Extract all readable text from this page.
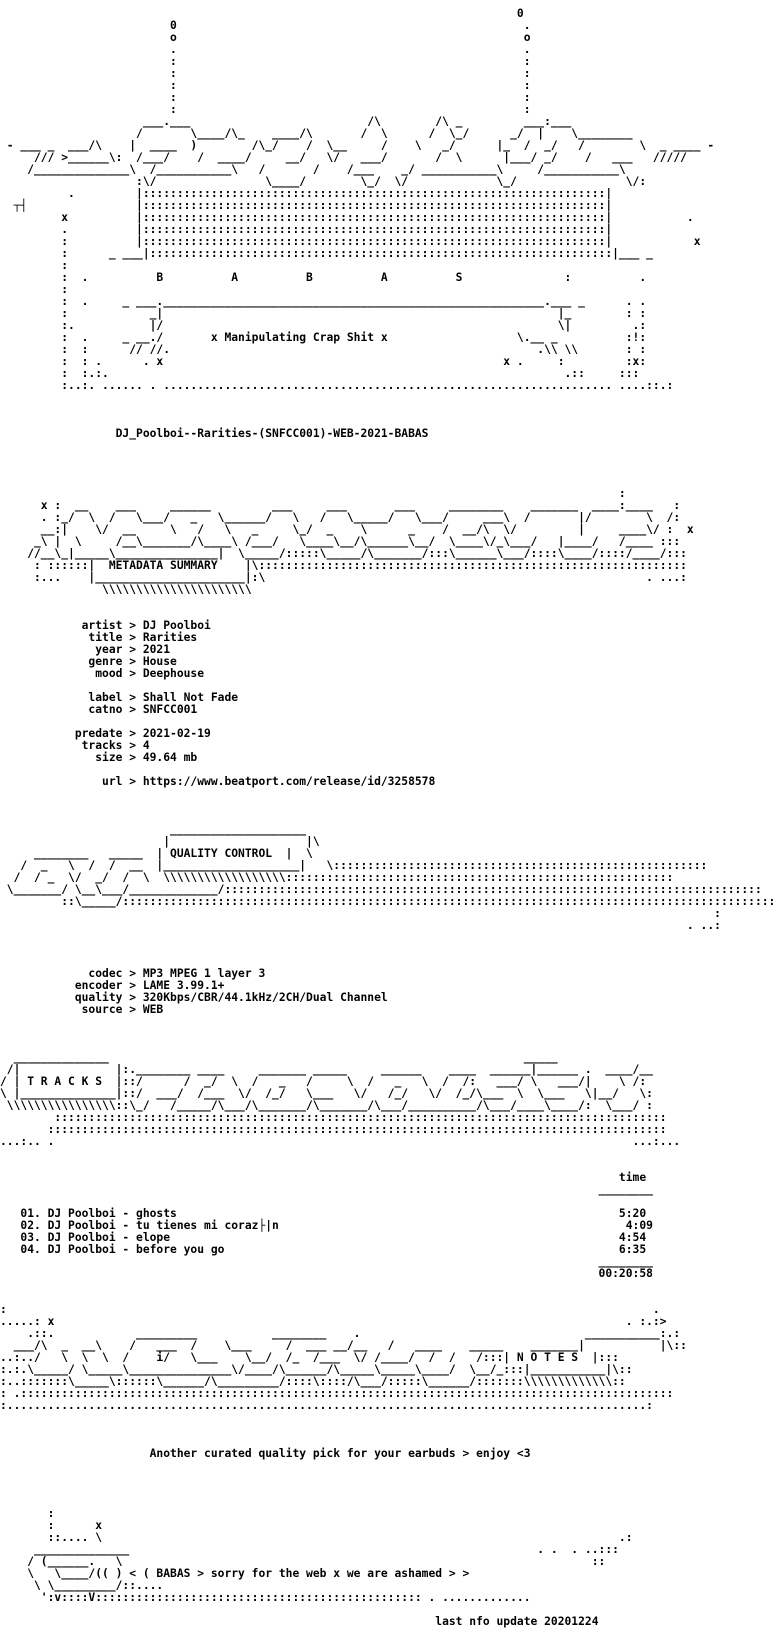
0
0                                                   .
o                                                   o
.                                                   .
:                                                   :
:                                                   :
:                                                   :
:                                                   :
:                                                   :
___.___                          /\        /\ _         ___:___
/       \____/\_    ____/\       /  \      /  \_/      _/  |    \________
- ___ _  ___/\    |  ____  )        /\_/    /  \__     /    \   _/      |_  /  _/   /        \  _ ____ -
/// >______\:  /___/    /  ____/     __/   \/   ___/       /  \      |___/ _/    /   ___   /////
/______________\  /___________\   /       /    /___    _/ ___________\     /___________\
:\/                \____/        \_/  \/             \_/                \/:
.         |::::::::::::::::::::::::::::::::::::::::::::::::::::::::::::::::::::|
┬┤                |::::::::::::::::::::::::::::::::::::::::::::::::::::::::::::::::::::|
x          |::::::::::::::::::::::::::::::::::::::::::::::::::::::::::::::::::::|           .
.          |::::::::::::::::::::::::::::::::::::::::::::::::::::::::::::::::::::|
:          |::::::::::::::::::::::::::::::::::::::::::::::::::::::::::::::::::::|            x
:      _ ___|::::::::::::::::::::::::::::::::::::::::::::::::::::::::::::::::::::|___ _
:
:  .          B          A          B          A          S               :          .
:
:  .     _ ___.________________________________________________________.___ _      . .
:            _|                                                          |_        : :
:.           |/                                                          \|         .:
:  .     _ __./       x Manipulating Crap Shit x                   \.__ _          :!:
:  :      // //.                                                      .\\ \\       : :
:  : .      . x                                                  x .     :         :x:
:  :.:.                                                                   .::     :::
:..:. ...... . .................................................................. ....::.:

DJ_Poolboi--Rarities-(SNFCC001)-WEB-2021-BABAS

:
x :  __    ___     ______         ___     ___       ___     ________    _______  ____:____   :
. :_/  \  /   \___/   _   \______/   \   /   \_____/   \___/     ___\  /       |/        \  /:
__:|    \/  __     \   /   \   _     \_/  _    \      _    /  __/\  \/         |     ____\/ :  x
_\ |  \     /__\_______/\____\ /___/   \____\__/\______\__/  \____\/_\___/   |____/   /____ :::
//__\_|_____\_______________|  \_____/:::::\_____/\_______/:::\______\___/::::\____/::::/____/:::
: ::::::|  METADATA SUMMARY    |\:::::::::::::::::::::::::::::::::::::::::::::::::::::::::::::::
:...    |______________________|:\                                                        . ...:
\\\\\\\\\\\\\\\\\\\\\\

artist > DJ Poolboi
title > Rarities
year > 2021
genre > House
mood > Deephouse

label > Shall Not Fade
catno > SNFCC001

predate > 2021-02-19
tracks > 4
size > 49.64 mb

url > https://www.beatport.com/release/id/3258578

____________________
|                    |\
________   _____  | QUALITY CONTROL  |  \
/  _   \  /  /  __  |____________________|   \:::::::::::::::::::::::::::::::::::::::::::::::::::::::
/  / _  \/  _/  /  \  \\\\\\\\\\\\\\\\\\:::::::::::::::::::::::::::::::::::::::::::::::::::::::::
\_______/ \__\___/_____________/:::::::::::::::::::::::::::::::::::::::::::::::::::::::::::::::::::::::::::::::
::\_____/::::::::::::::::::::::::::::::::::::::::::::::::::::::::::::::::::::::::::::::::::::::::::::::::
:
. ..:

codec > MP3 MPEG 1 layer 3
encoder > LAME 3.99.1+
quality > 320Kbps/CBR/44.1kHz/2CH/Dual Channel
source > WEB

______________                                                             _____
/|              |:.________ ____     _______ _____     ______    ____  ______|______ .  ____/__
/ | T R A C K S  |::/      /  _/  \  /   _   /     \  /   _   \  /  /:   ___/ \   ___/|    \ /:
\ |______________|::/  ___/  /___  \/  /_/   \___   \/   /_/   \/  /_/\___  \  \___   \|__/   \:
\\\\\\\\\\\\\\\\::\_/   /_____/\___/\_______/\_______/\___/__________/\___/____\____/:  \___/ :
::::::::::::::::::::::::::::::::::::::::::::::::::::::::::::::::::::::::::::::::::::::::::
:::::::::::::::::::::::::::::::::::::::::::::::::::::::::::::::::::::::::::::::::::::::::::
...:.. .                                                                                     ...:...

time
________

01. DJ Poolboi - ghosts                                                                 5:20
02. DJ Poolboi - tu tienes mi coraz├|n                                                   4:09
03. DJ Poolboi - elope                                                                  4:54
04. DJ Poolboi - before you go                                                          6:35
________
00:20:58

:                                                                                               .
.....: x                                                                                    . :.:>
.::.            _________           ________    .                                 ___________:.:
___/\  _  __\    /   ___  /    \___     /  ___ __/__   /   ____    _____    _______|           |\::
..:../   \  \  \  /    i/   \___    \__/  /_  /___  \/ /____/  /  /   /:::| N O T E S  |:::
:.:.\_____/ \_____\_______________\/____/\______/\_____\_____\____/  \__/_:::|___________|\::
:..:::::::\_____\::::::\______/\_________/::::\::::/\___/:::::\______/:::::::\\\\\\\\\\\\\::
: .::::::::::::::::::::::::::::::::::::::::::::::::::::::::::::::::::::::::::::::::::::::::::::::::
:..............................................................................................:

Another curated quality pick for your earbuds > enjoy <3

:
:      x
::.... \                                                                            .:
______________                                                            . .  . ..:::
/ (______.   \                                                                     ::
\   \____/(( ) < ( BABAS > sorry for the web x we are ashamed > >
\ \_________/::....
':v::::V:::::::::::::::::::::::::::::::::::::::::::::::: . .............

last nfo update 20201224
